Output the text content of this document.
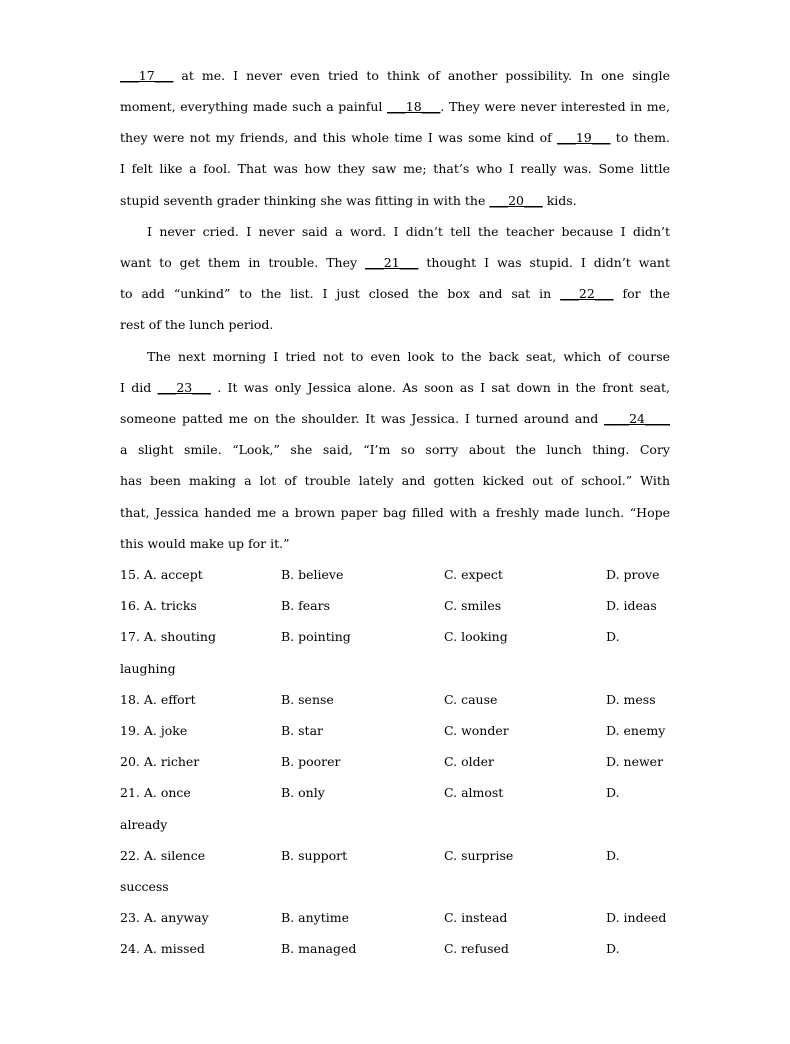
___17___ at me. I never even tried to think of another possibility. In one single
moment, everything made such a painful ___18___. They were never interested in me,
they were not my friends, and this whole time I was some kind of ___19___ to them.
I felt like a fool. That was how they saw me; that’s who I really was. Some little
stupid seventh grader thinking she was fitting in with the ___20___ kids.
I never cried. I never said a word. I didn’t tell the teacher because I didn’t
want to get them in trouble. They ___21___ thought I was stupid. I didn’t want
to add “unkind” to the list. I just closed the box and sat in ___22___ for the
rest of the lunch period.
The next morning I tried not to even look to the back seat, which of course
I did ___23___ . It was only Jessica alone. As soon as I sat down in the front seat,
someone patted me on the shoulder. It was Jessica. I turned around and ____24____
a slight smile. “Look,” she said, “I’m so sorry about the lunch thing. Cory
has been making a lot of trouble lately and gotten kicked out of school.” With
that, Jessica handed me a brown paper bag filled with a freshly made lunch. “Hope
this would make up for it.”
15. A. accept	B. believe	C. expect	D. prove
16. A. tricks	B. fears	C. smiles	D. ideas
17. A. shouting	B. pointing	C. looking	D.
laughing
18. A. effort	B. sense	C. cause	D. mess
19. A. joke	B. star	C. wonder	D. enemy
20. A. richer	B. poorer	C. older	D. newer
21. A. once	B. only	C. almost	D.
already
22. A. silence	B. support	C. surprise	D.
success
23. A. anyway	B. anytime	C. instead	D. indeed
24. A. missed	B. managed	C. refused	D.
